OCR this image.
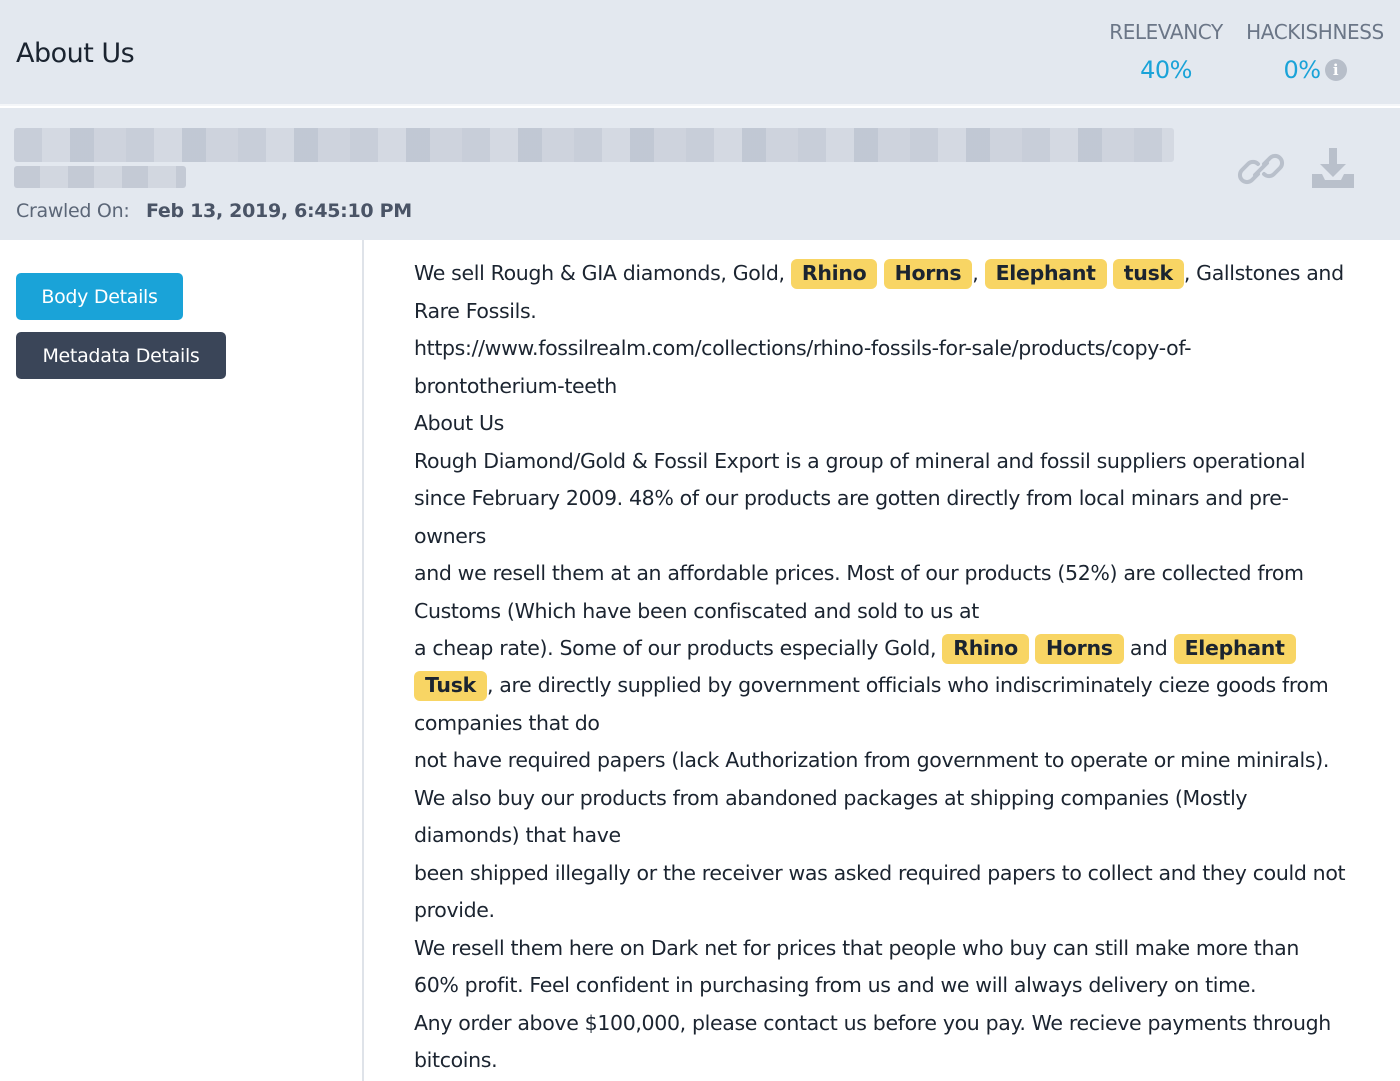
About Us
RELEVANCY
40%
HACKISHNESS
0% i
Crawled On: Feb 13, 2019, 6:45:10 PM
Body Details
Metadata Details

We sell Rough & GIA diamonds, Gold, Rhino Horns , Elephant tusk , Gallstones and
Rare Fossils.
https://www.fossilrealm.com/collections/rhino-fossils-for-sale/products/copy-of-
brontotherium-teeth
About Us
Rough Diamond/Gold & Fossil Export is a group of mineral and fossil suppliers operational
since February 2009. 48% of our products are gotten directly from local minars and pre-
owners
and we resell them at an affordable prices. Most of our products (52%) are collected from
Customs (Which have been confiscated and sold to us at
a cheap rate). Some of our products especially Gold, Rhino Horns and Elephant
Tusk , are directly supplied by government officials who indiscriminately cieze goods from
companies that do
not have required papers (lack Authorization from government to operate or mine minirals).
We also buy our products from abandoned packages at shipping companies (Mostly
diamonds) that have
been shipped illegally or the receiver was asked required papers to collect and they could not
provide.
We resell them here on Dark net for prices that people who buy can still make more than
60% profit. Feel confident in purchasing from us and we will always delivery on time.
Any order above $100,000, please contact us before you pay. We recieve payments through
bitcoins.
